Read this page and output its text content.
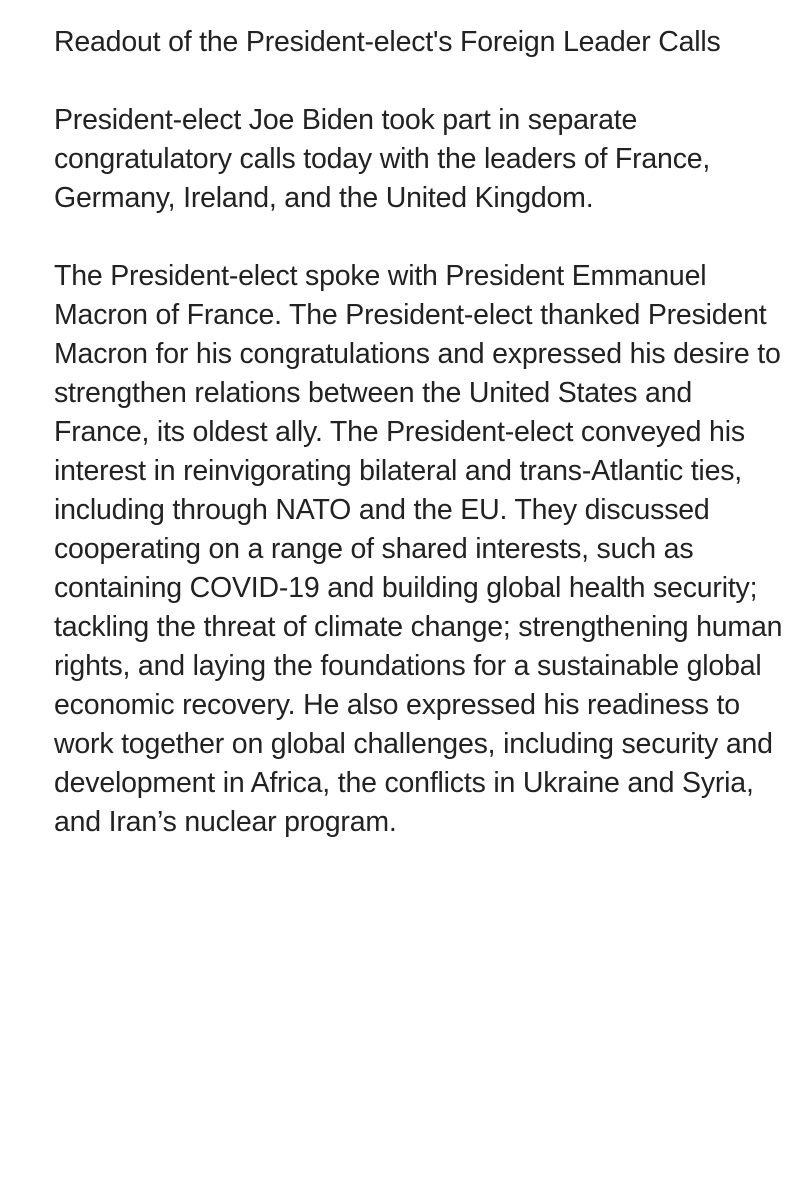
Readout of the President-elect's Foreign Leader Calls

President-elect Joe Biden took part in separate congratulatory calls today with the leaders of France, Germany, Ireland, and the United Kingdom.

The President-elect spoke with President Emmanuel Macron of France. The President-elect thanked President Macron for his congratulations and expressed his desire to strengthen relations between the United States and France, its oldest ally. The President-elect conveyed his interest in reinvigorating bilateral and trans-Atlantic ties, including through NATO and the EU. They discussed cooperating on a range of shared interests, such as containing COVID-19 and building global health security; tackling the threat of climate change; strengthening human rights, and laying the foundations for a sustainable global economic recovery. He also expressed his readiness to work together on global challenges, including security and development in Africa, the conflicts in Ukraine and Syria, and Iran’s nuclear program.
